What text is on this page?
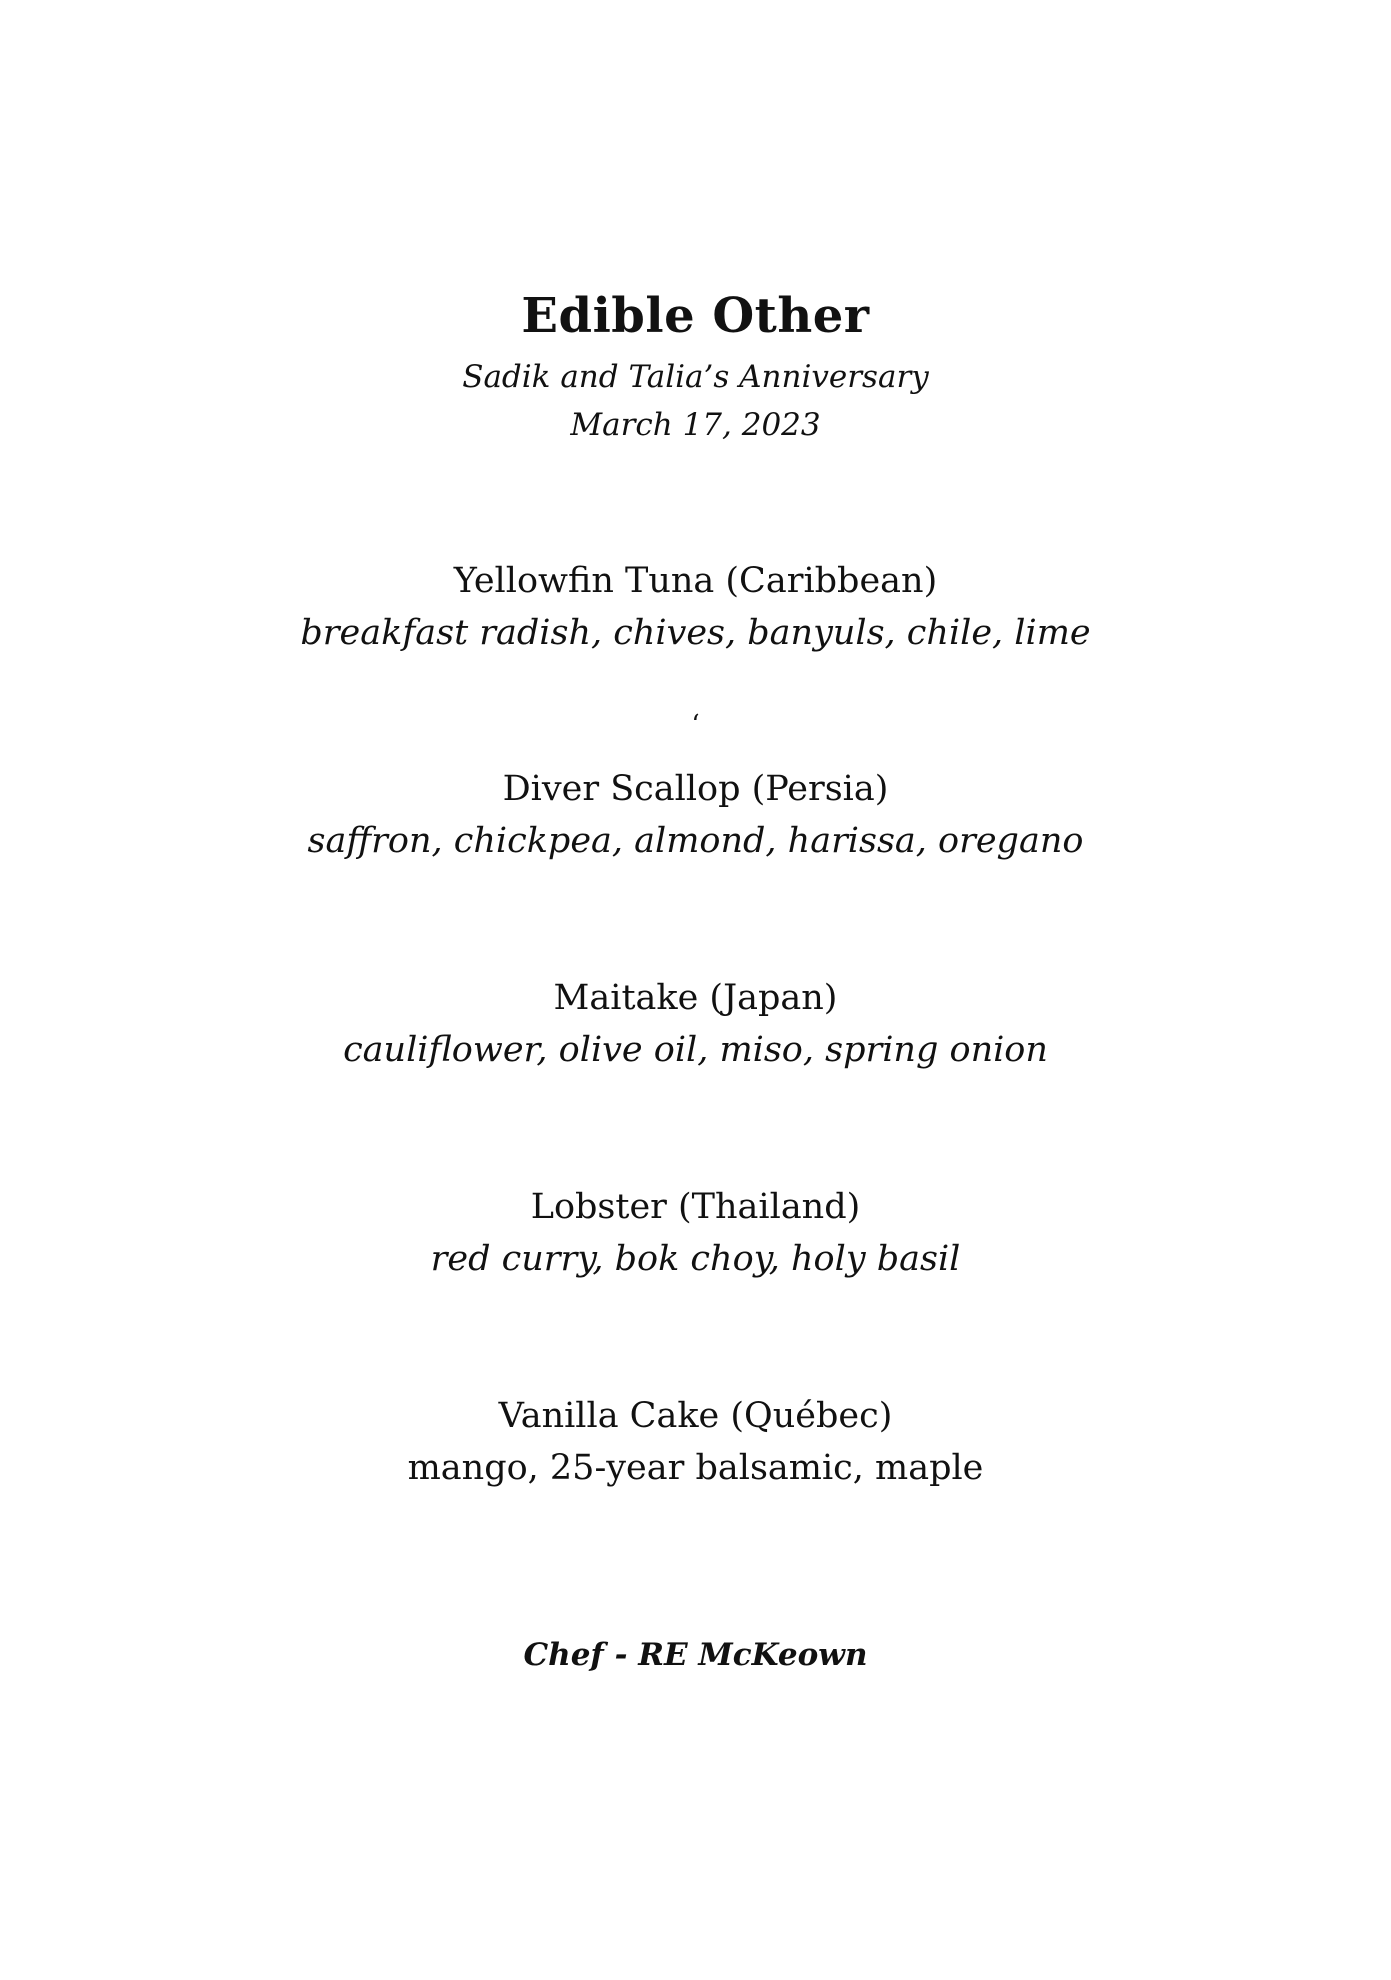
Edible Other
Sadik and Talia’s Anniversary
March 17, 2023
Yellowfin Tuna (Caribbean)
breakfast radish, chives, banyuls, chile, lime
‘
Diver Scallop (Persia)
saffron, chickpea, almond, harissa, oregano
Maitake (Japan)
cauliflower, olive oil, miso, spring onion
Lobster (Thailand)
red curry, bok choy, holy basil
Vanilla Cake (Québec)
mango, 25-year balsamic, maple
Chef - RE McKeown
